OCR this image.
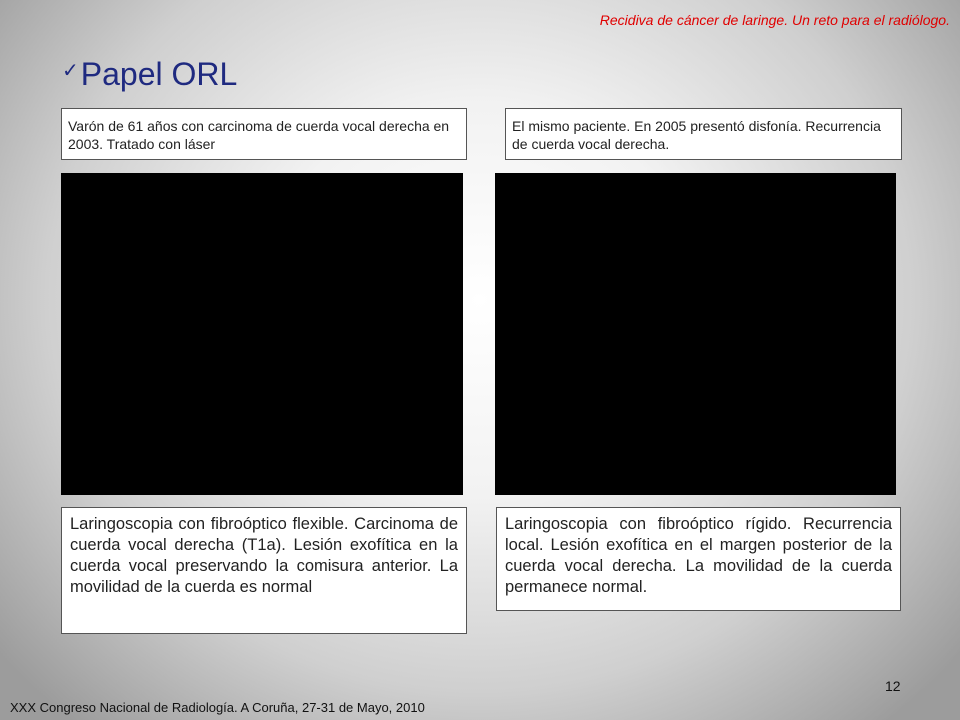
Recidiva de cáncer de laringe. Un reto para el radiólogo.
✓ Papel ORL
Varón de 61 años con carcinoma de cuerda vocal derecha en 2003. Tratado con láser
El mismo paciente. En 2005 presentó disfonía. Recurrencia de cuerda vocal derecha.
Laringoscopia con fibroóptico flexible. Carcinoma de cuerda vocal derecha (T1a). Lesión exofítica en la cuerda vocal preservando la comisura anterior. La movilidad de la cuerda es normal
Laringoscopia con fibroóptico rígido. Recurrencia local. Lesión exofítica en el margen posterior de la cuerda vocal derecha. La movilidad de la cuerda permanece normal.
12
XXX Congreso Nacional de Radiología. A Coruña, 27-31 de Mayo, 2010
